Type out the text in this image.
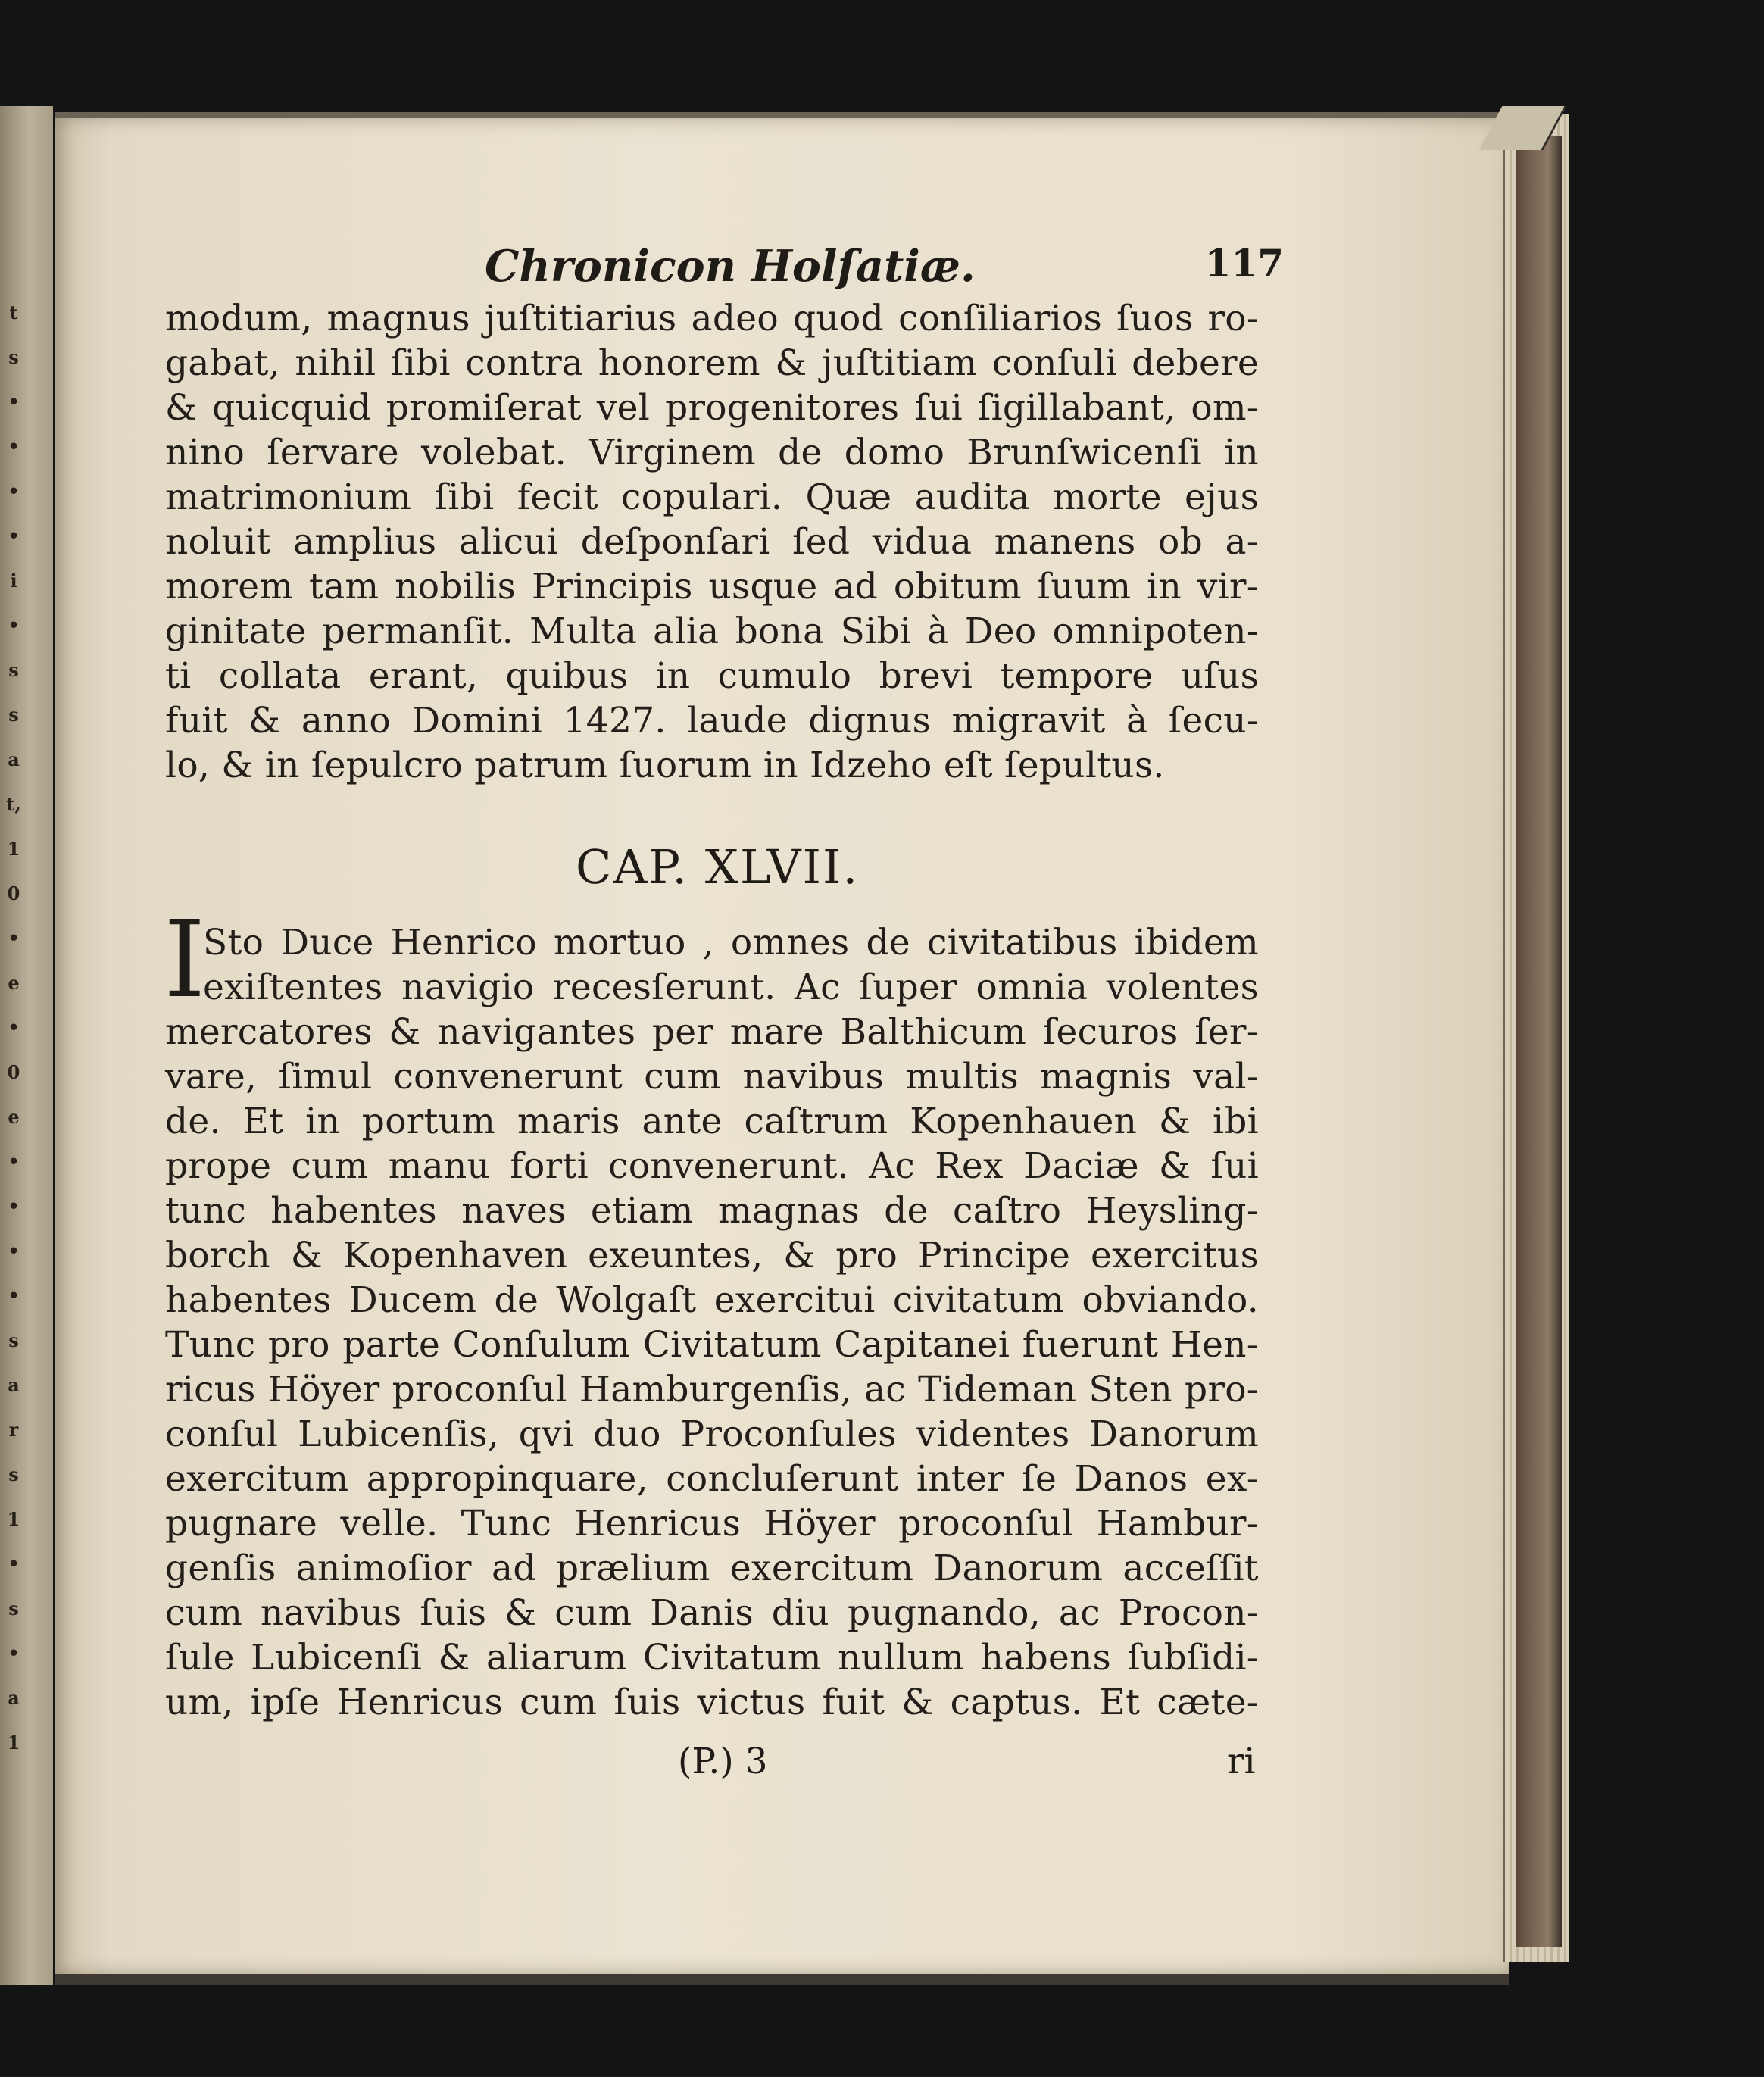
t
s
•
•
•
•
i
•
s
s
a
t,
1
0
•
e
•
0
e
•
•
•
•
s
a
r
s
1
•
s
•
a
1
Chronicon Holſatiæ.	117
modum, magnus juſtitiarius adeo quod conſiliarios ſuos ro-
gabat, nihil ſibi contra honorem & juſtitiam conſuli debere
& quicquid promiſerat vel progenitores ſui ſigillabant, om-
nino ſervare volebat. Virginem de domo Brunſwicenſi in
matrimonium ſibi fecit copulari. Quæ audita morte ejus
noluit amplius alicui deſponſari ſed vidua manens ob a-
morem tam nobilis Principis usque ad obitum ſuum in vir-
ginitate permanſit. Multa alia bona Sibi à Deo omnipoten-
ti collata erant, quibus in cumulo brevi tempore uſus
fuit & anno Domini 1427. laude dignus migravit à ſecu-
lo, & in ſepulcro patrum ſuorum in Idzeho eſt ſepultus.
CAP. XLVII.
I
Sto Duce Henrico mortuo , omnes de civitatibus ibidem
exiſtentes navigio recesſerunt. Ac ſuper omnia volentes
mercatores & navigantes per mare Balthicum ſecuros ſer-
vare, ſimul convenerunt cum navibus multis magnis val-
de. Et in portum maris ante caſtrum Kopenhauen & ibi
prope cum manu forti convenerunt. Ac Rex Daciæ & ſui
tunc habentes naves etiam magnas de caſtro Heysling-
borch & Kopenhaven exeuntes, & pro Principe exercitus
habentes Ducem de Wolgaſt exercitui civitatum obviando.
Tunc pro parte Conſulum Civitatum Capitanei fuerunt Hen-
ricus Höyer proconſul Hamburgenſis, ac Tideman Sten pro-
conſul Lubicenſis, qvi duo Proconſules videntes Danorum
exercitum appropinquare, concluſerunt inter ſe Danos ex-
pugnare velle. Tunc Henricus Höyer proconſul Hambur-
genſis animoſior ad prælium exercitum Danorum acceſſit
cum navibus ſuis & cum Danis diu pugnando, ac Procon-
ſule Lubicenſi & aliarum Civitatum nullum habens ſubſidi-
um, ipſe Henricus cum ſuis victus fuit & captus. Et cæte-
(P.) 3	ri
